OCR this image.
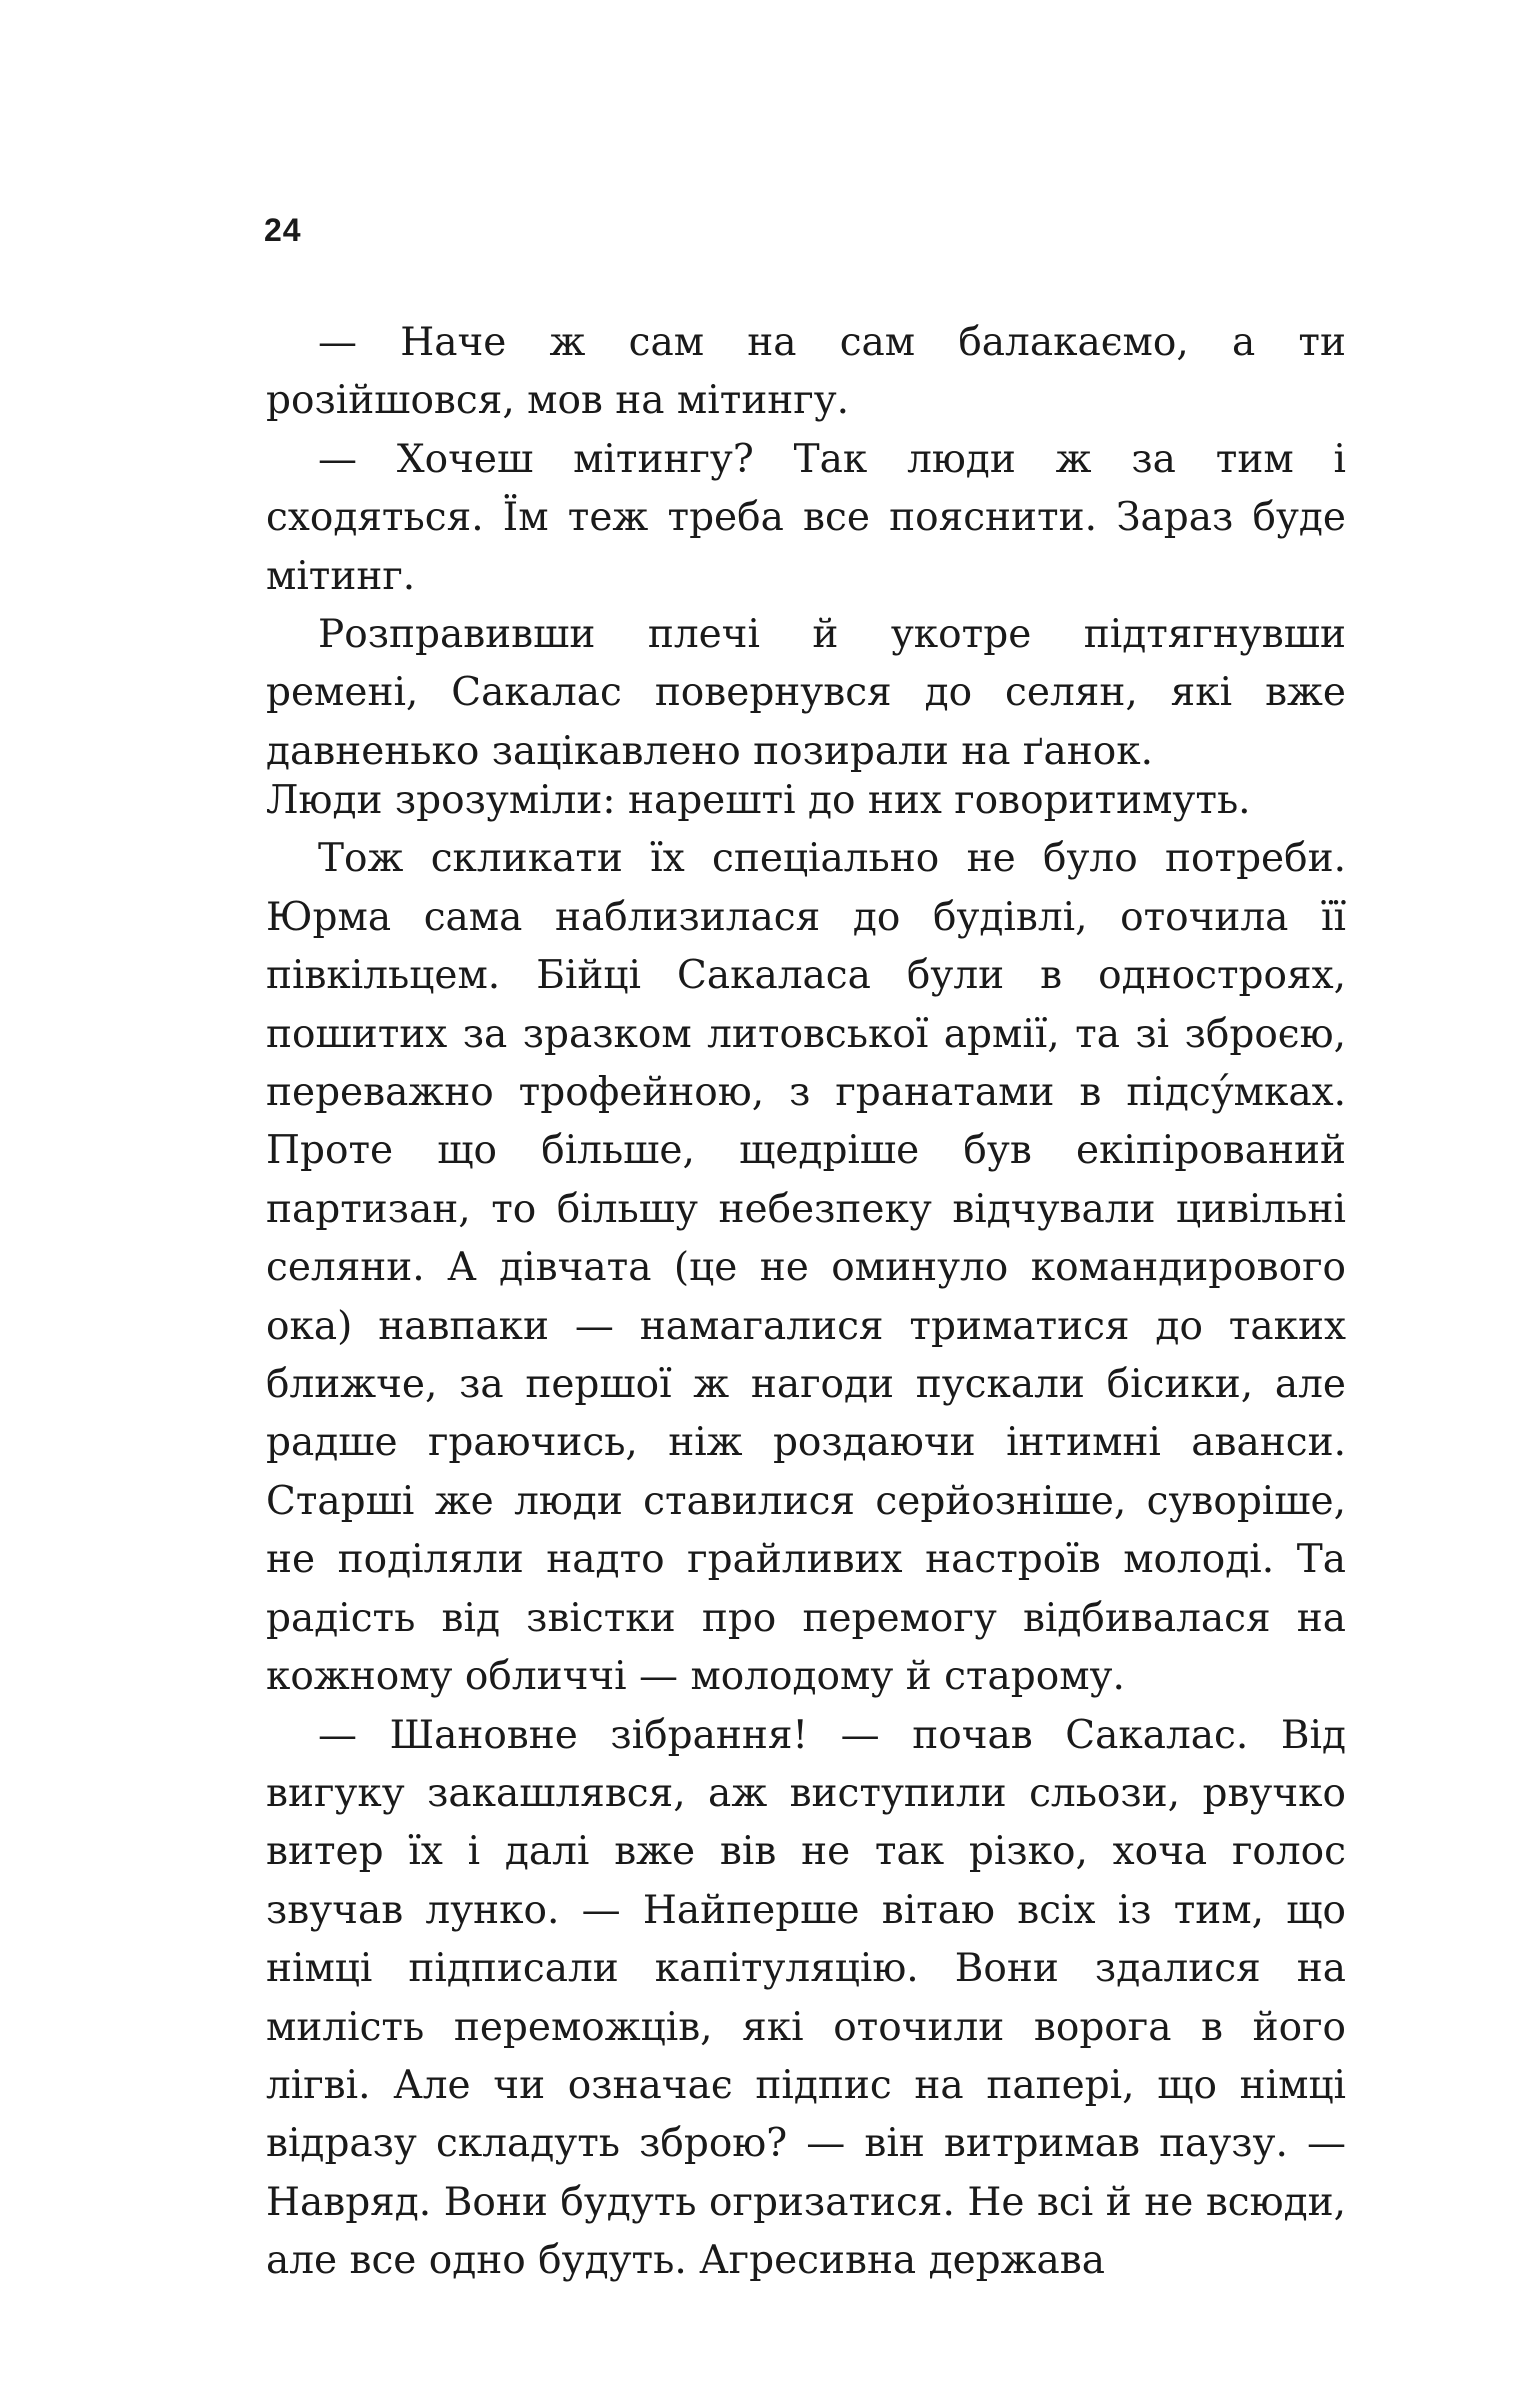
24

— Наче ж сам на сам балакаємо, а ти розійшовся, мов на мітингу.

— Хочеш мітингу? Так люди ж за тим і сходяться. Їм теж треба все пояснити. Зараз буде мітинг.

Розправивши плечі й укотре підтягнувши ремені, Сакалас повернувся до селян, які вже давненько зацікавлено позирали на ґанок.

Люди зрозуміли: нарешті до них говоритимуть.

Тож скликати їх спеціально не було потреби. Юрма сама наблизилася до будівлі, оточила її півкільцем. Бійці Сакаласа були в одностроях, пошитих за зразком литовської армії, та зі зброєю, переважно трофейною, з гранатами в підсу́мках. Проте що більше, щедріше був екіпірований партизан, то більшу небезпеку відчували цивільні селяни. А дівчата (це не оминуло командирового ока) навпаки — намагалися триматися до таких ближче, за першої ж нагоди пускали бісики, але радше граючись, ніж роздаючи інтимні аванси. Старші же люди ставилися серйозніше, суворіше, не поділяли надто грайливих настроїв молоді. Та радість від звістки про перемогу відбивалася на кожному обличчі — молодому й старому.

— Шановне зібрання! — почав Сакалас. Від вигуку закашлявся, аж виступили сльози, рвучко витер їх і далі вже вів не так різко, хоча голос звучав лунко. — Найперше вітаю всіх із тим, що німці підписали капітуляцію. Вони здалися на милість переможців, які оточили ворога в його лігві. Але чи означає підпис на папері, що німці відразу складуть зброю? — він витримав паузу. — Навряд. Вони будуть огризатися. Не всі й не всюди, але все одно будуть. Агресивна держава
